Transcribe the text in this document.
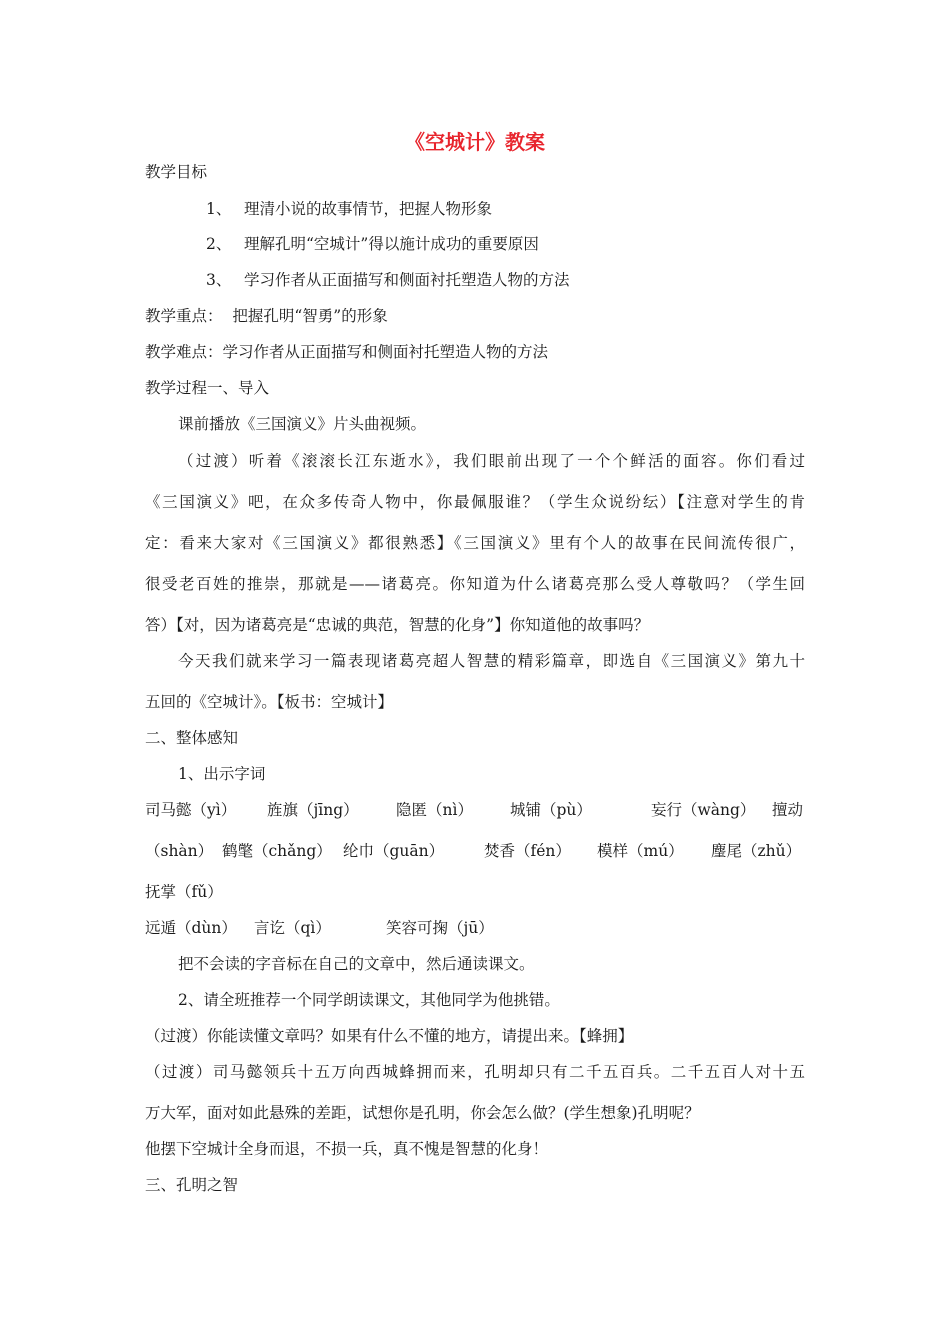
《空城计》教案
教学目标
1、 理清小说的故事情节，把握人物形象
2、 理解孔明“空城计”得以施计成功的重要原因
3、 学习作者从正面描写和侧面衬托塑造人物的方法
教学重点：  把握孔明“智勇”的形象
教学难点：学习作者从正面描写和侧面衬托塑造人物的方法
教学过程一、导入
课前播放《三国演义》片头曲视频。
（过渡）听着《滚滚长江东逝水》，我们眼前出现了一个个鲜活的面容。你们看过
《三国演义》吧，在众多传奇人物中，你最佩服谁？（学生众说纷纭）【注意对学生的肯
定：看来大家对《三国演义》都很熟悉】《三国演义》里有个人的故事在民间流传很广，
很受老百姓的推崇，那就是——诸葛亮。你知道为什么诸葛亮那么受人尊敬吗？（学生回
答）【对，因为诸葛亮是“忠诚的典范，智慧的化身”】你知道他的故事吗？
今天我们就来学习一篇表现诸葛亮超人智慧的精彩篇章，即选自《三国演义》第九十
五回的《空城计》。【板书：空城计】
二、整体感知
1、出示字词
司马懿（yì） 旌旗（jīng） 隐匿（nì） 城铺（pù）	妄行（wàng） 擅动
（shàn） 鹤氅（chǎng） 纶巾（guān）	焚香（fén） 模样（mú） 麈尾（zhǔ）
抚掌（fǔ）
远遁（dùn） 言讫（qì）	笑容可掬（jū）
把不会读的字音标在自己的文章中，然后通读课文。
2、请全班推荐一个同学朗读课文，其他同学为他挑错。
（过渡）你能读懂文章吗？如果有什么不懂的地方，请提出来。【蜂拥】
（过渡）司马懿领兵十五万向西城蜂拥而来，孔明却只有二千五百兵。二千五百人对十五
万大军，面对如此悬殊的差距，试想你是孔明，你会怎么做？(学生想象)孔明呢？
他摆下空城计全身而退，不损一兵，真不愧是智慧的化身！
三、孔明之智
